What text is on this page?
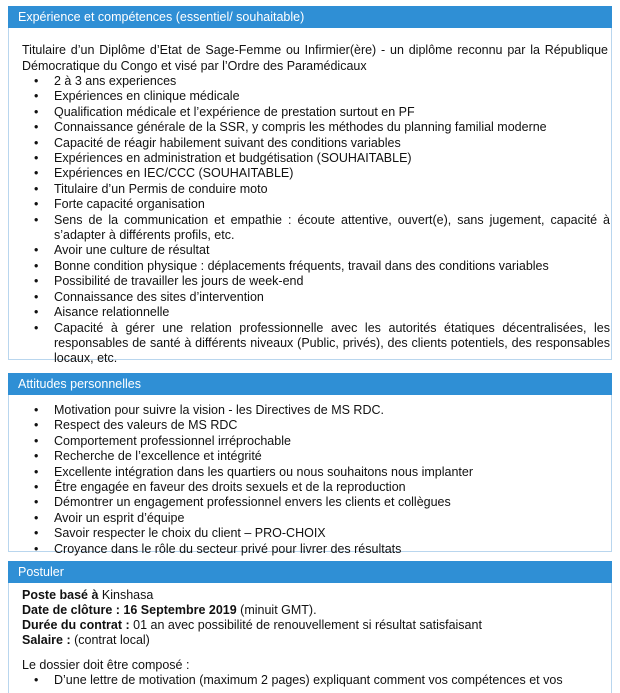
Expérience et compétences (essentiel/ souhaitable)

Titulaire d’un Diplôme d’Etat de Sage-Femme ou Infirmier(ère) - un diplôme reconnu par la République Démocratique du Congo et visé par l’Ordre des Paramédicaux

• 2 à 3 ans experiences
• Expériences en clinique médicale
• Qualification médicale et l’expérience de prestation surtout en PF
• Connaissance générale de la SSR, y compris les méthodes du planning familial moderne
• Capacité de réagir habilement suivant des conditions variables
• Expériences en administration et budgétisation (SOUHAITABLE)
• Expériences en IEC/CCC (SOUHAITABLE)
• Titulaire d’un Permis de conduire moto
• Forte capacité organisation
• Sens de la communication et empathie : écoute attentive, ouvert(e), sans jugement, capacité à s’adapter à différents profils, etc.
• Avoir une culture de résultat
• Bonne condition physique : déplacements fréquents, travail dans des conditions variables
• Possibilité de travailler les jours de week-end
• Connaissance des sites d’intervention
• Aisance relationnelle
• Capacité à gérer une relation professionnelle avec les autorités étatiques décentralisées, les responsables de santé à différents niveaux (Public, privés), des clients potentiels, des responsables locaux, etc.
Attitudes personnelles
• Motivation pour suivre la vision - les Directives de MS RDC.
• Respect des valeurs de MS RDC
• Comportement professionnel irréprochable
• Recherche de l’excellence et intégrité
• Excellente intégration dans les quartiers ou nous souhaitons nous implanter
• Être engagée en faveur des droits sexuels et de la reproduction
• Démontrer un engagement professionnel envers les clients et collègues
• Avoir un esprit d’équipe
• Savoir respecter le choix du client – PRO-CHOIX
• Croyance dans le rôle du secteur privé pour livrer des résultats
Postuler

Poste basé à Kinshasa

Date de clôture : 16 Septembre 2019 (minuit GMT).

Durée du contrat : 01 an avec possibilité de renouvellement si résultat satisfaisant

Salaire : (contrat local)

Le dossier doit être composé :

• D’une lettre de motivation (maximum 2 pages) expliquant comment vos compétences et vos
